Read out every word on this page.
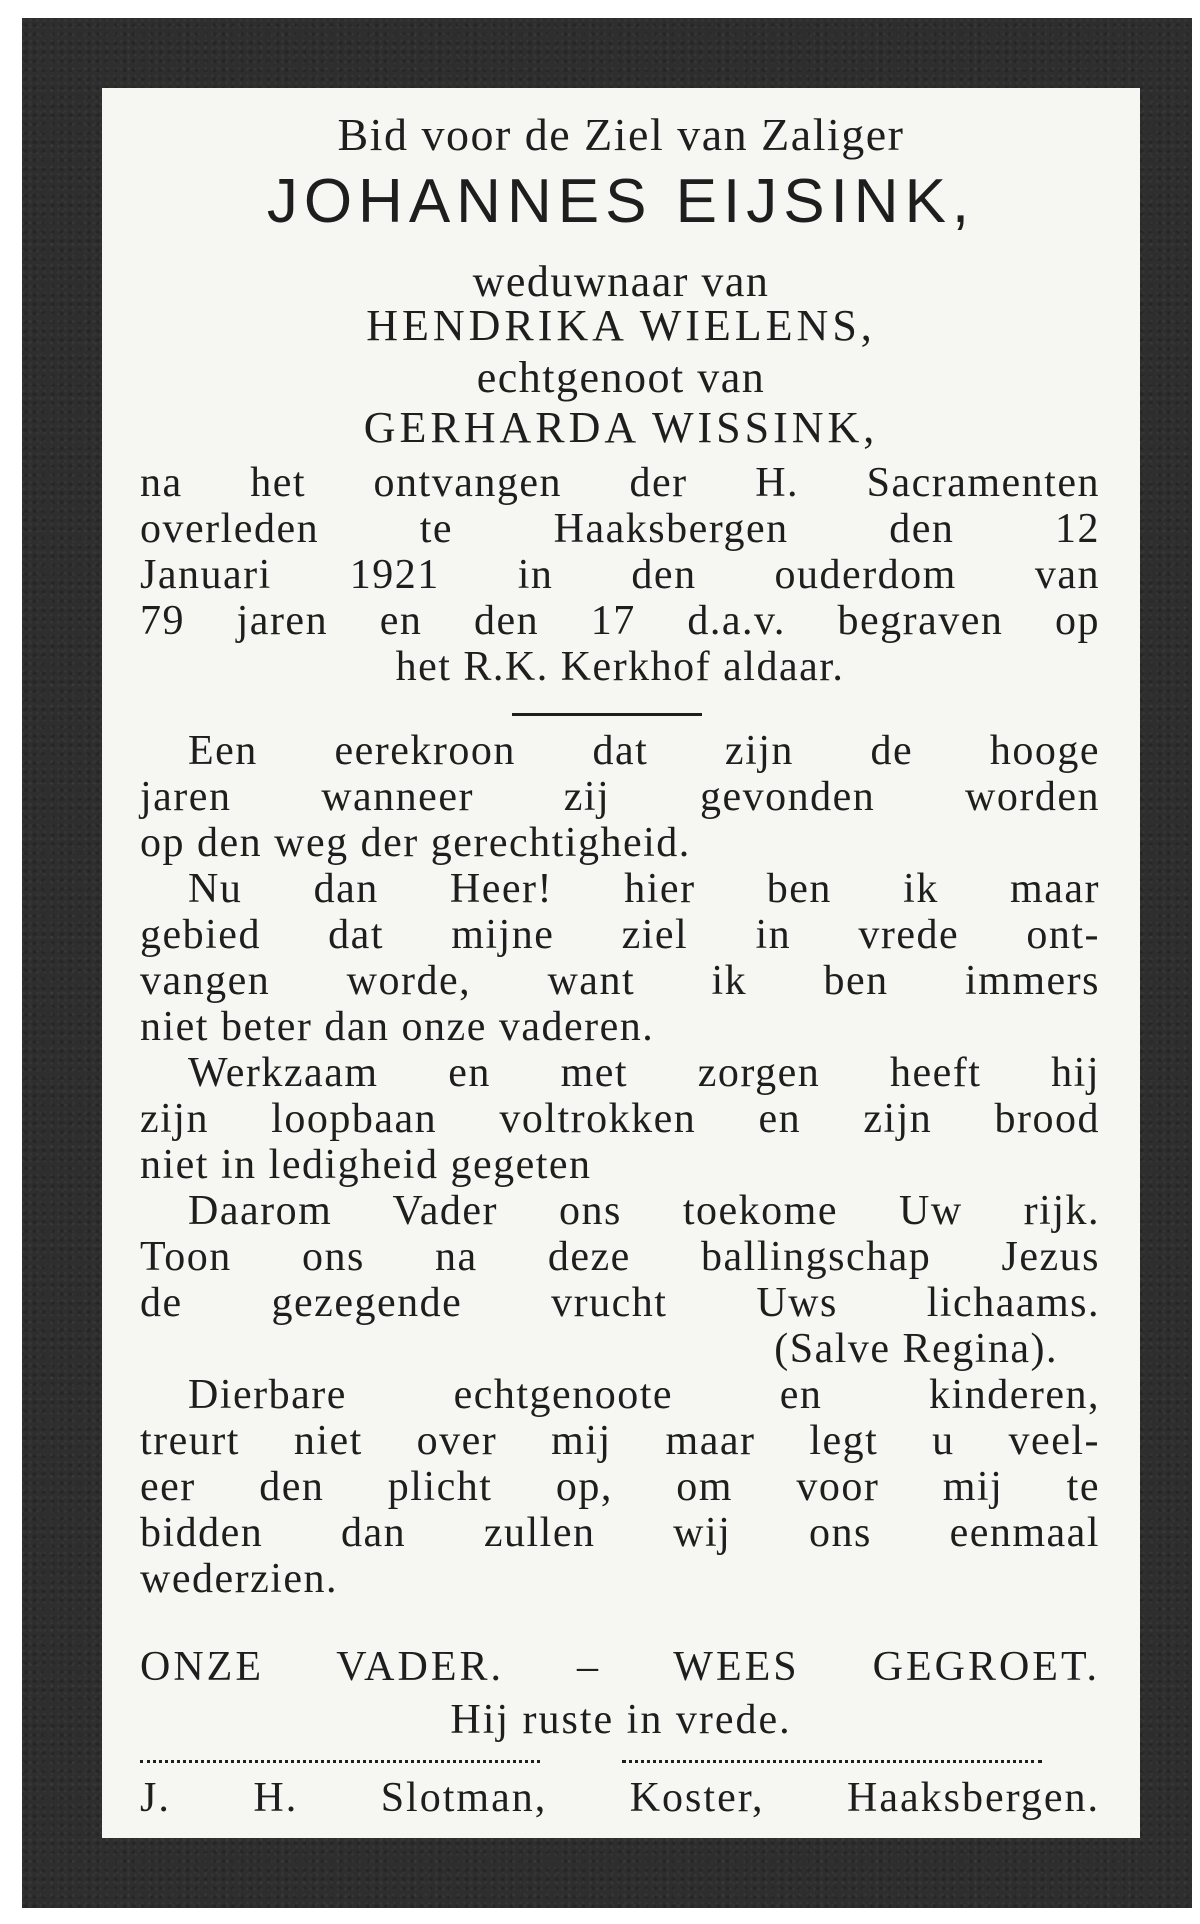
Bid voor de Ziel van Zaliger
JOHANNES EIJSINK,
weduwnaar van
HENDRIKA WIELENS,
echtgenoot van
GERHARDA WISSINK,
na het ontvangen der H. Sacramenten
overleden te Haaksbergen den 12
Januari 1921 in den ouderdom van
79 jaren en den 17 d.a.v. begraven op
het R.K. Kerkhof aldaar.
Een eerekroon dat zijn de hooge
jaren wanneer zij gevonden worden
op den weg der gerechtigheid.
Nu dan Heer! hier ben ik maar
gebied dat mijne ziel in vrede ont-
vangen worde, want ik ben immers
niet beter dan onze vaderen.
Werkzaam en met zorgen heeft hij
zijn loopbaan voltrokken en zijn brood
niet in ledigheid gegeten
Daarom Vader ons toekome Uw rijk.
Toon ons na deze ballingschap Jezus
de gezegende vrucht Uws lichaams.
(Salve Regina).
Dierbare echtgenoote en kinderen,
treurt niet over mij maar legt u veel-
eer den plicht op, om voor mij te
bidden dan zullen wij ons eenmaal
wederzien.
ONZE VADER. – WEES GEGROET.
Hij ruste in vrede.
J. H. Slotman, Koster, Haaksbergen.
